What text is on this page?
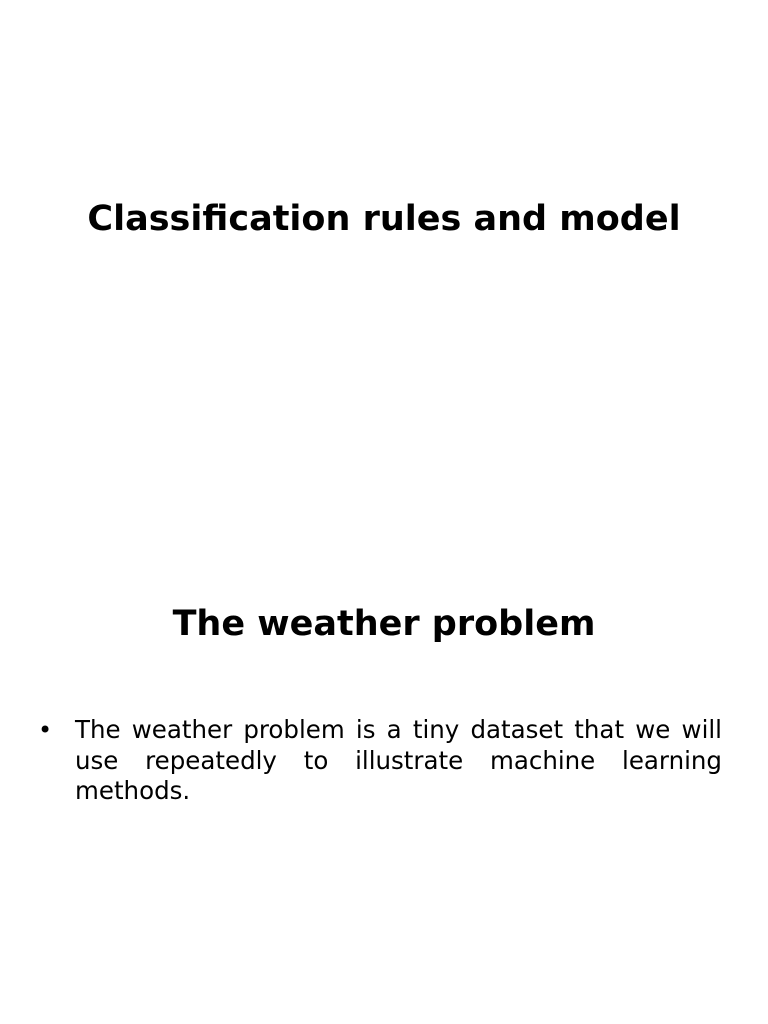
Classification rules and model
The weather problem
• The weather problem is a tiny dataset that we will use repeatedly to illustrate machine learning methods.
